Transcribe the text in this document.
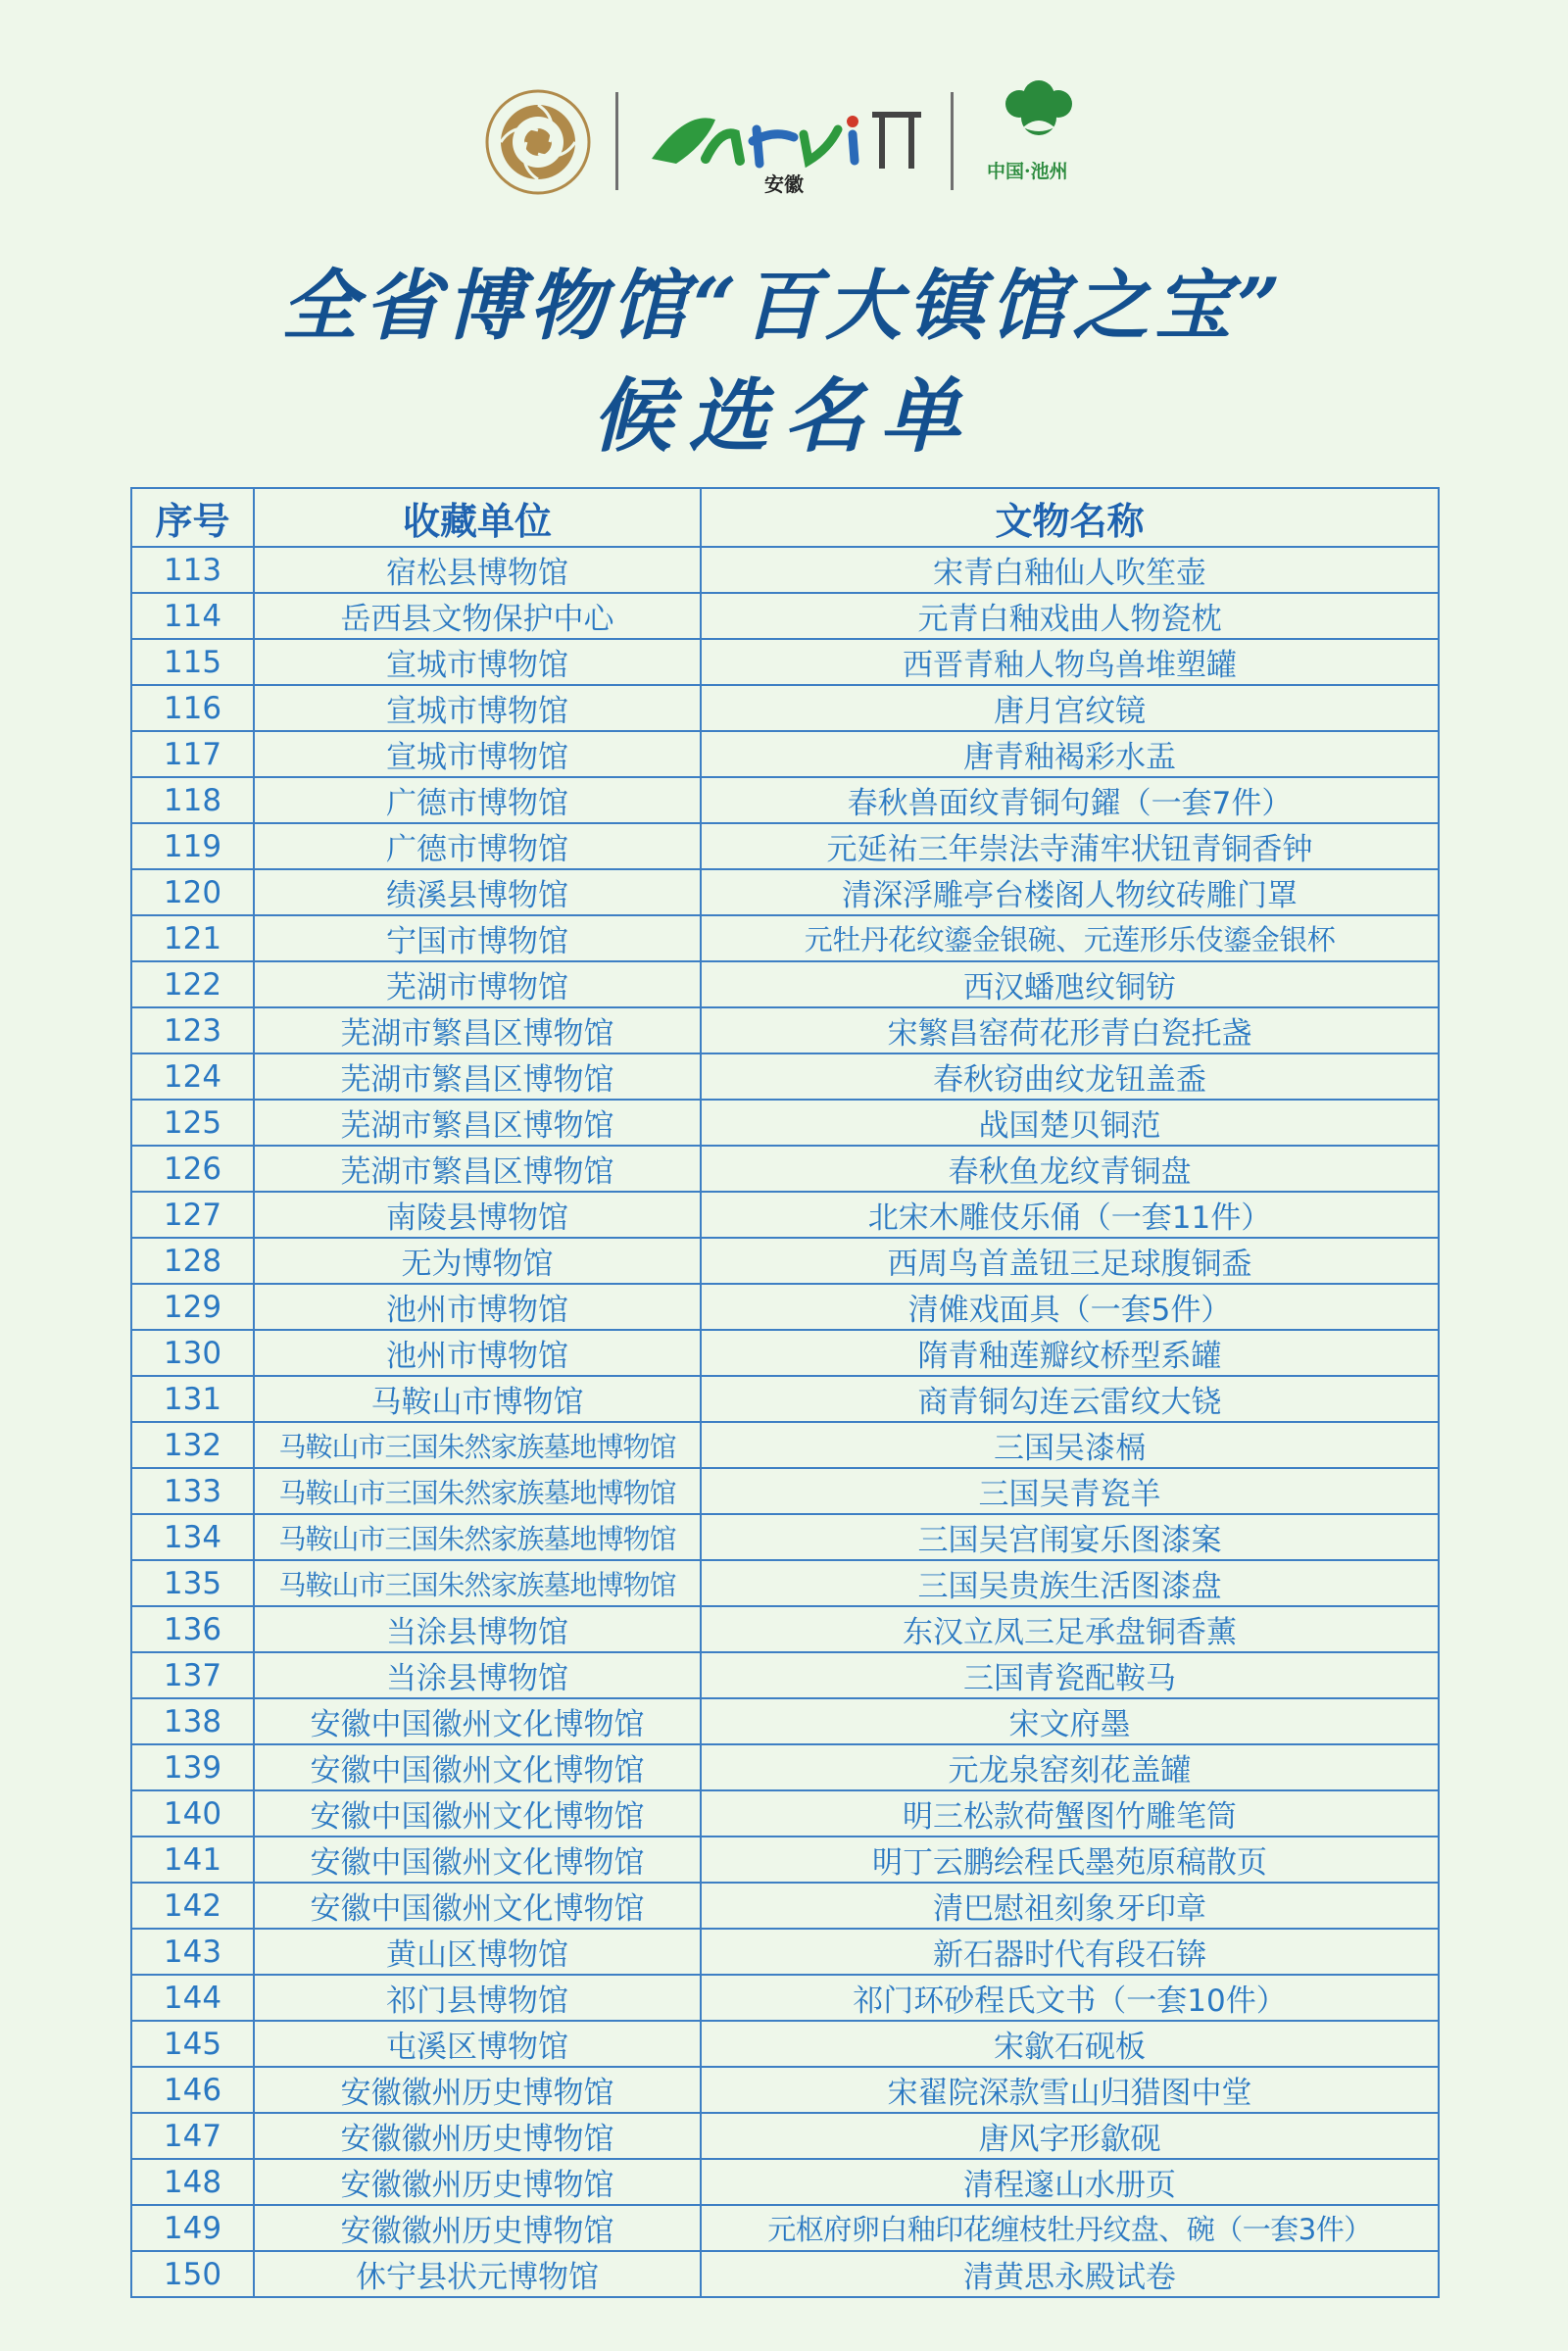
安徽
中国·池州
全省博物馆“百大镇馆之宝”
候选名单
序号	收藏单位	文物名称
113	宿松县博物馆	宋青白釉仙人吹笙壶
114	岳西县文物保护中心	元青白釉戏曲人物瓷枕
115	宣城市博物馆	西晋青釉人物鸟兽堆塑罐
116	宣城市博物馆	唐月宫纹镜
117	宣城市博物馆	唐青釉褐彩水盂
118	广德市博物馆	春秋兽面纹青铜句鑃（一套7件）
119	广德市博物馆	元延祐三年崇法寺蒲牢状钮青铜香钟
120	绩溪县博物馆	清深浮雕亭台楼阁人物纹砖雕门罩
121	宁国市博物馆	元牡丹花纹鎏金银碗、元莲形乐伎鎏金银杯
122	芜湖市博物馆	西汉蟠虺纹铜钫
123	芜湖市繁昌区博物馆	宋繁昌窑荷花形青白瓷托盏
124	芜湖市繁昌区博物馆	春秋窃曲纹龙钮盖盉
125	芜湖市繁昌区博物馆	战国楚贝铜范
126	芜湖市繁昌区博物馆	春秋鱼龙纹青铜盘
127	南陵县博物馆	北宋木雕伎乐俑（一套11件）
128	无为博物馆	西周鸟首盖钮三足球腹铜盉
129	池州市博物馆	清傩戏面具（一套5件）
130	池州市博物馆	隋青釉莲瓣纹桥型系罐
131	马鞍山市博物馆	商青铜勾连云雷纹大铙
132	马鞍山市三国朱然家族墓地博物馆	三国吴漆槅
133	马鞍山市三国朱然家族墓地博物馆	三国吴青瓷羊
134	马鞍山市三国朱然家族墓地博物馆	三国吴宫闱宴乐图漆案
135	马鞍山市三国朱然家族墓地博物馆	三国吴贵族生活图漆盘
136	当涂县博物馆	东汉立凤三足承盘铜香薰
137	当涂县博物馆	三国青瓷配鞍马
138	安徽中国徽州文化博物馆	宋文府墨
139	安徽中国徽州文化博物馆	元龙泉窑刻花盖罐
140	安徽中国徽州文化博物馆	明三松款荷蟹图竹雕笔筒
141	安徽中国徽州文化博物馆	明丁云鹏绘程氏墨苑原稿散页
142	安徽中国徽州文化博物馆	清巴慰祖刻象牙印章
143	黄山区博物馆	新石器时代有段石锛
144	祁门县博物馆	祁门环砂程氏文书（一套10件）
145	屯溪区博物馆	宋歙石砚板
146	安徽徽州历史博物馆	宋翟院深款雪山归猎图中堂
147	安徽徽州历史博物馆	唐风字形歙砚
148	安徽徽州历史博物馆	清程邃山水册页
149	安徽徽州历史博物馆	元枢府卵白釉印花缠枝牡丹纹盘、碗（一套3件）
150	休宁县状元博物馆	清黄思永殿试卷
